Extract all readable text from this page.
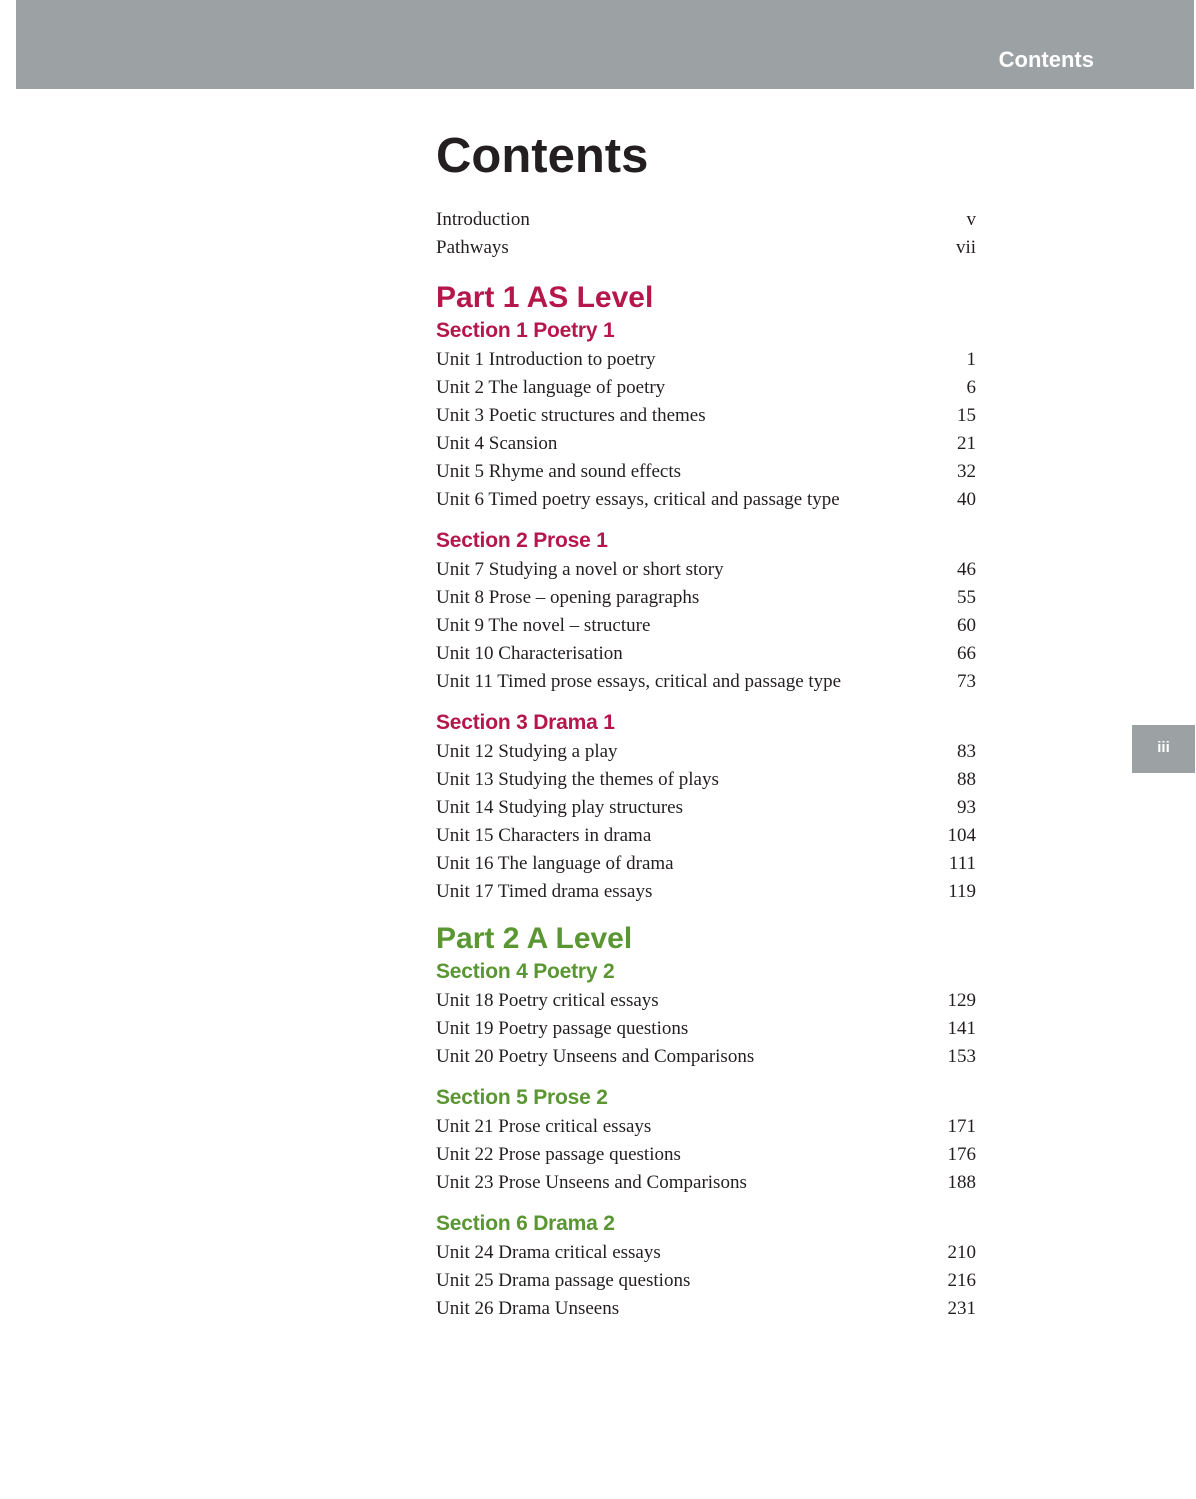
Contents
iii
Contents
Introduction	v
Pathways	vii
Part 1 AS Level
Section 1 Poetry 1
Unit 1 Introduction to poetry	1
Unit 2 The language of poetry	6
Unit 3 Poetic structures and themes	15
Unit 4 Scansion	21
Unit 5 Rhyme and sound effects	32
Unit 6 Timed poetry essays, critical and passage type	40
Section 2 Prose 1
Unit 7 Studying a novel or short story	46
Unit 8 Prose – opening paragraphs	55
Unit 9 The novel – structure	60
Unit 10 Characterisation	66
Unit 11 Timed prose essays, critical and passage type	73
Section 3 Drama 1
Unit 12 Studying a play	83
Unit 13 Studying the themes of plays	88
Unit 14 Studying play structures	93
Unit 15 Characters in drama	104
Unit 16 The language of drama	111
Unit 17 Timed drama essays	119
Part 2 A Level
Section 4 Poetry 2
Unit 18 Poetry critical essays	129
Unit 19 Poetry passage questions	141
Unit 20 Poetry Unseens and Comparisons	153
Section 5 Prose 2
Unit 21 Prose critical essays	171
Unit 22 Prose passage questions	176
Unit 23 Prose Unseens and Comparisons	188
Section 6 Drama 2
Unit 24 Drama critical essays	210
Unit 25 Drama passage questions	216
Unit 26 Drama Unseens	231
